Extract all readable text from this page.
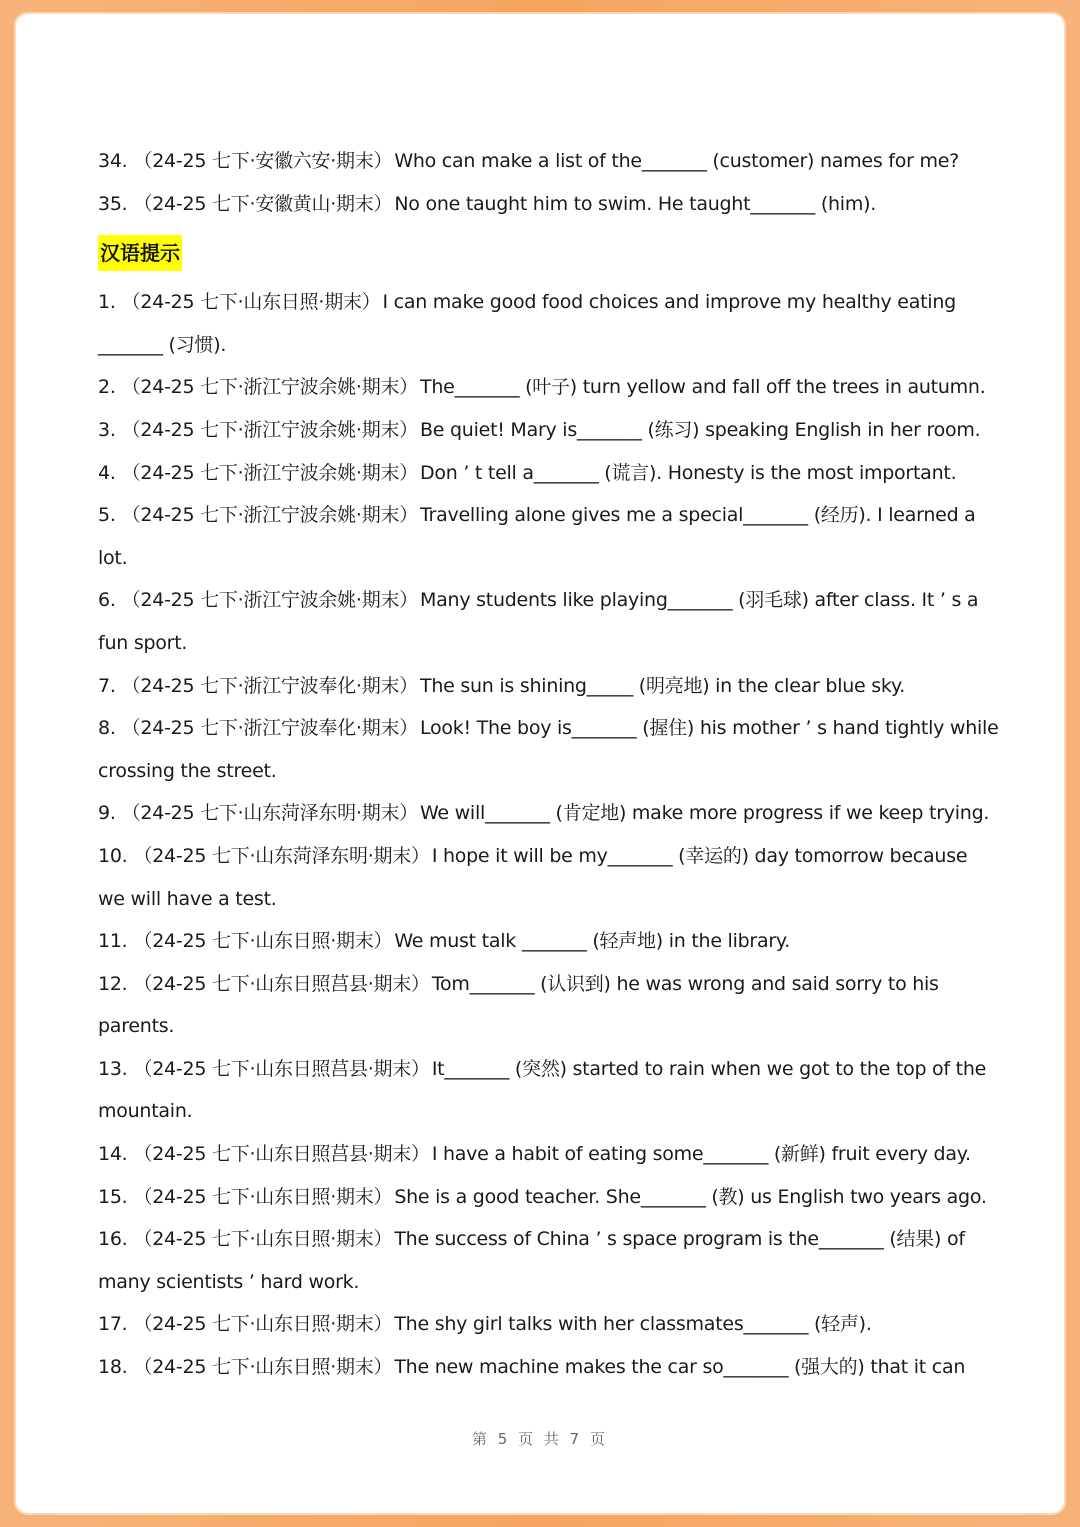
34. （24-25 七下·安徽六安·期末） Who can make a list of the_______ (customer) names for me?
35. （24-25 七下·安徽黄山·期末） No one taught him to swim. He taught_______ (him).
汉语提示
1. （24-25 七下·山东日照·期末） I can make good food choices and improve my healthy eating
_______ (习惯).
2. （24-25 七下·浙江宁波余姚·期末） The_______ (叶子) turn yellow and fall off the trees in autumn.
3. （24-25 七下·浙江宁波余姚·期末） Be quiet! Mary is_______ (练习) speaking English in her room.
4. （24-25 七下·浙江宁波余姚·期末） Don ’ t tell a_______ (谎言). Honesty is the most important.
5. （24-25 七下·浙江宁波余姚·期末） Travelling alone gives me a special_______ (经历). I learned a
lot.
6. （24-25 七下·浙江宁波余姚·期末） Many students like playing_______ (羽毛球) after class. It ’ s a
fun sport.
7. （24-25 七下·浙江宁波奉化·期末） The sun is shining_____ (明亮地) in the clear blue sky.
8. （24-25 七下·浙江宁波奉化·期末） Look! The boy is_______ (握住) his mother ’ s hand tightly while
crossing the street.
9. （24-25 七下·山东菏泽东明·期末） We will_______ (肯定地) make more progress if we keep trying.
10. （24-25 七下·山东菏泽东明·期末） I hope it will be my_______ (幸运的) day tomorrow because
we will have a test.
11. （24-25 七下·山东日照·期末） We must talk _______ (轻声地) in the library.
12. （24-25 七下·山东日照莒县·期末） Tom_______ (认识到) he was wrong and said sorry to his
parents.
13. （24-25 七下·山东日照莒县·期末） It_______ (突然) started to rain when we got to the top of the
mountain.
14. （24-25 七下·山东日照莒县·期末） I have a habit of eating some_______ (新鲜) fruit every day.
15. （24-25 七下·山东日照·期末） She is a good teacher. She_______ (教) us English two years ago.
16. （24-25 七下·山东日照·期末） The success of China ’ s space program is the_______ (结果) of
many scientists ’ hard work.
17. （24-25 七下·山东日照·期末） The shy girl talks with her classmates_______ (轻声).
18. （24-25 七下·山东日照·期末） The new machine makes the car so_______ (强大的) that it can
第 5 页 共 7 页
